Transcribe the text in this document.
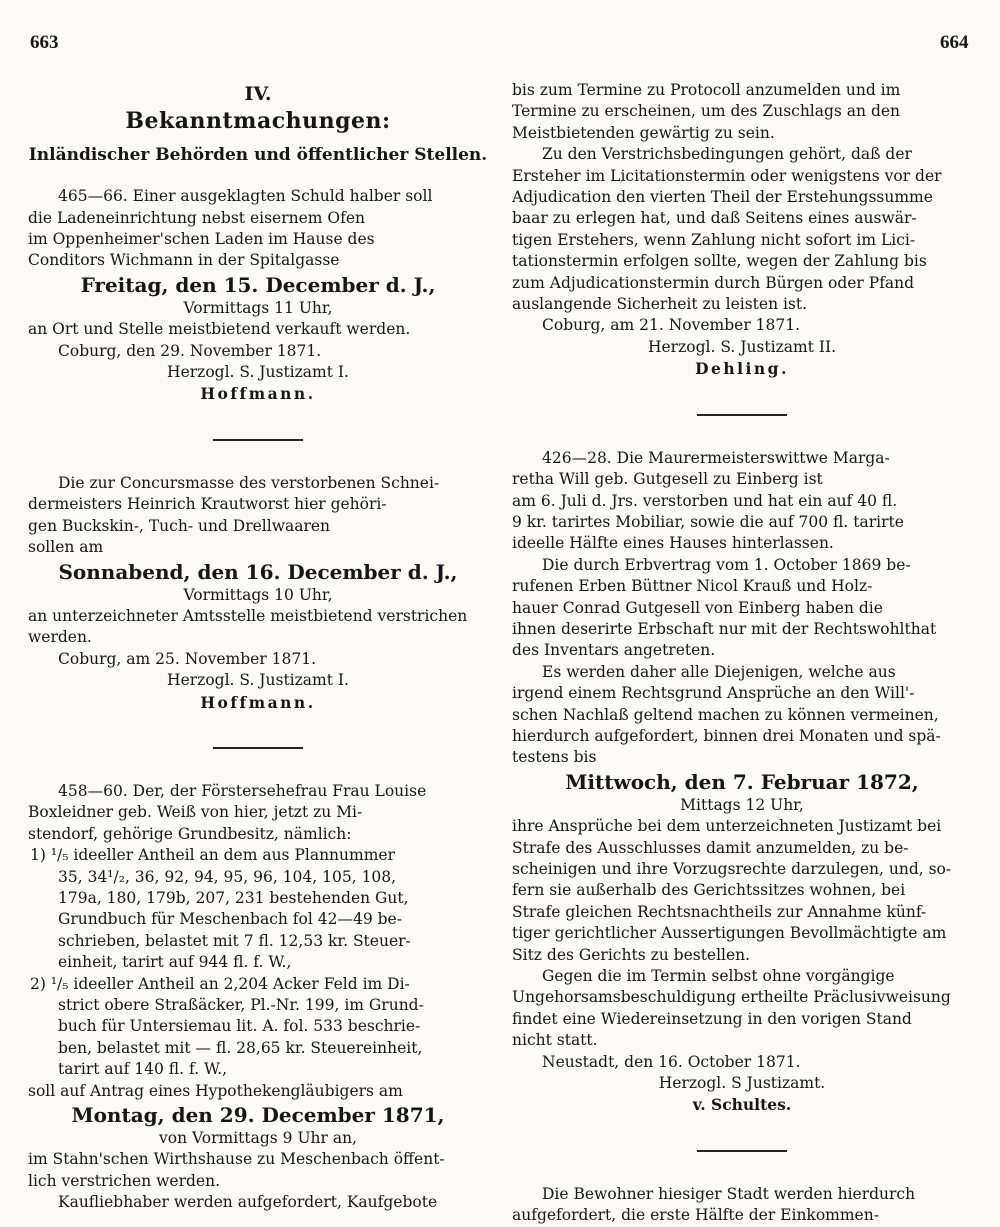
663	664
IV.
Bekanntmachungen:
Inländischer Behörden und öffentlicher Stellen.

465—66. Einer ausgeklagten Schuld halber soll

die Ladeneinrichtung nebst eisernem Ofen

im Oppenheimer'schen Laden im Hause des

Conditors Wichmann in der Spitalgasse

Freitag, den 15. December d. J.,

Vormittags 11 Uhr,

an Ort und Stelle meistbietend verkauft werden.

Coburg, den 29. November 1871.

Herzogl. S. Justizamt I.

Hoffmann.

Die zur Concursmasse des verstorbenen Schnei-

dermeisters Heinrich Krautworst hier gehöri-

gen Buckskin-, Tuch- und Drellwaaren

sollen am

Sonnabend, den 16. December d. J.,

Vormittags 10 Uhr,

an unterzeichneter Amtsstelle meistbietend verstrichen

werden.

Coburg, am 25. November 1871.

Herzogl. S. Justizamt I.

Hoffmann.

458—60. Der, der Förstersehefrau Frau Louise

Boxleidner geb. Weiß von hier, jetzt zu Mi-

stendorf, gehörige Grundbesitz, nämlich:

1) ¹/₅ ideeller Antheil an dem aus Plannummer

35, 34¹/₂, 36, 92, 94, 95, 96, 104, 105, 108,

179a, 180, 179b, 207, 231 bestehenden Gut,

Grundbuch für Meschenbach fol 42—49 be-

schrieben, belastet mit 7 fl. 12,53 kr. Steuer-

einheit, tarirt auf 944 fl. f. W.,

2) ¹/₅ ideeller Antheil an 2,204 Acker Feld im Di-

strict obere Straßäcker, Pl.-Nr. 199, im Grund-

buch für Untersiemau lit. A. fol. 533 beschrie-

ben, belastet mit — fl. 28,65 kr. Steuereinheit,

tarirt auf 140 fl. f. W.,

soll auf Antrag eines Hypothekengläubigers am

Montag, den 29. December 1871,

von Vormittags 9 Uhr an,

im Stahn'schen Wirthshause zu Meschenbach öffent-

lich verstrichen werden.

Kaufliebhaber werden aufgefordert, Kaufgebote

bis zum Termine zu Protocoll anzumelden und im

Termine zu erscheinen, um des Zuschlags an den

Meistbietenden gewärtig zu sein.

Zu den Verstrichsbedingungen gehört, daß der

Ersteher im Licitationstermin oder wenigstens vor der

Adjudication den vierten Theil der Erstehungssumme

baar zu erlegen hat, und daß Seitens eines auswär-

tigen Erstehers, wenn Zahlung nicht sofort im Lici-

tationstermin erfolgen sollte, wegen der Zahlung bis

zum Adjudicationstermin durch Bürgen oder Pfand

auslangende Sicherheit zu leisten ist.

Coburg, am 21. November 1871.

Herzogl. S. Justizamt II.

Dehling.

426—28. Die Maurermeisterswittwe Marga-

retha Will geb. Gutgesell zu Einberg ist

am 6. Juli d. Jrs. verstorben und hat ein auf 40 fl.

9 kr. tarirtes Mobiliar, sowie die auf 700 fl. tarirte

ideelle Hälfte eines Hauses hinterlassen.

Die durch Erbvertrag vom 1. October 1869 be-

rufenen Erben Büttner Nicol Krauß und Holz-

hauer Conrad Gutgesell von Einberg haben die

ihnen deserirte Erbschaft nur mit der Rechtswohlthat

des Inventars angetreten.

Es werden daher alle Diejenigen, welche aus

irgend einem Rechtsgrund Ansprüche an den Will'-

schen Nachlaß geltend machen zu können vermeinen,

hierdurch aufgefordert, binnen drei Monaten und spä-

testens bis

Mittwoch, den 7. Februar 1872,

Mittags 12 Uhr,

ihre Ansprüche bei dem unterzeichneten Justizamt bei

Strafe des Ausschlusses damit anzumelden, zu be-

scheinigen und ihre Vorzugsrechte darzulegen, und, so-

fern sie außerhalb des Gerichtssitzes wohnen, bei

Strafe gleichen Rechtsnachtheils zur Annahme künf-

tiger gerichtlicher Aussertigungen Bevollmächtigte am

Sitz des Gerichts zu bestellen.

Gegen die im Termin selbst ohne vorgängige

Ungehorsamsbeschuldigung ertheilte Präclusivweisung

findet eine Wiedereinsetzung in den vorigen Stand

nicht statt.

Neustadt, den 16. October 1871.

Herzogl. S Justizamt.

v. Schultes.

Die Bewohner hiesiger Stadt werden hierdurch

aufgefordert, die erste Hälfte der Einkommen-
